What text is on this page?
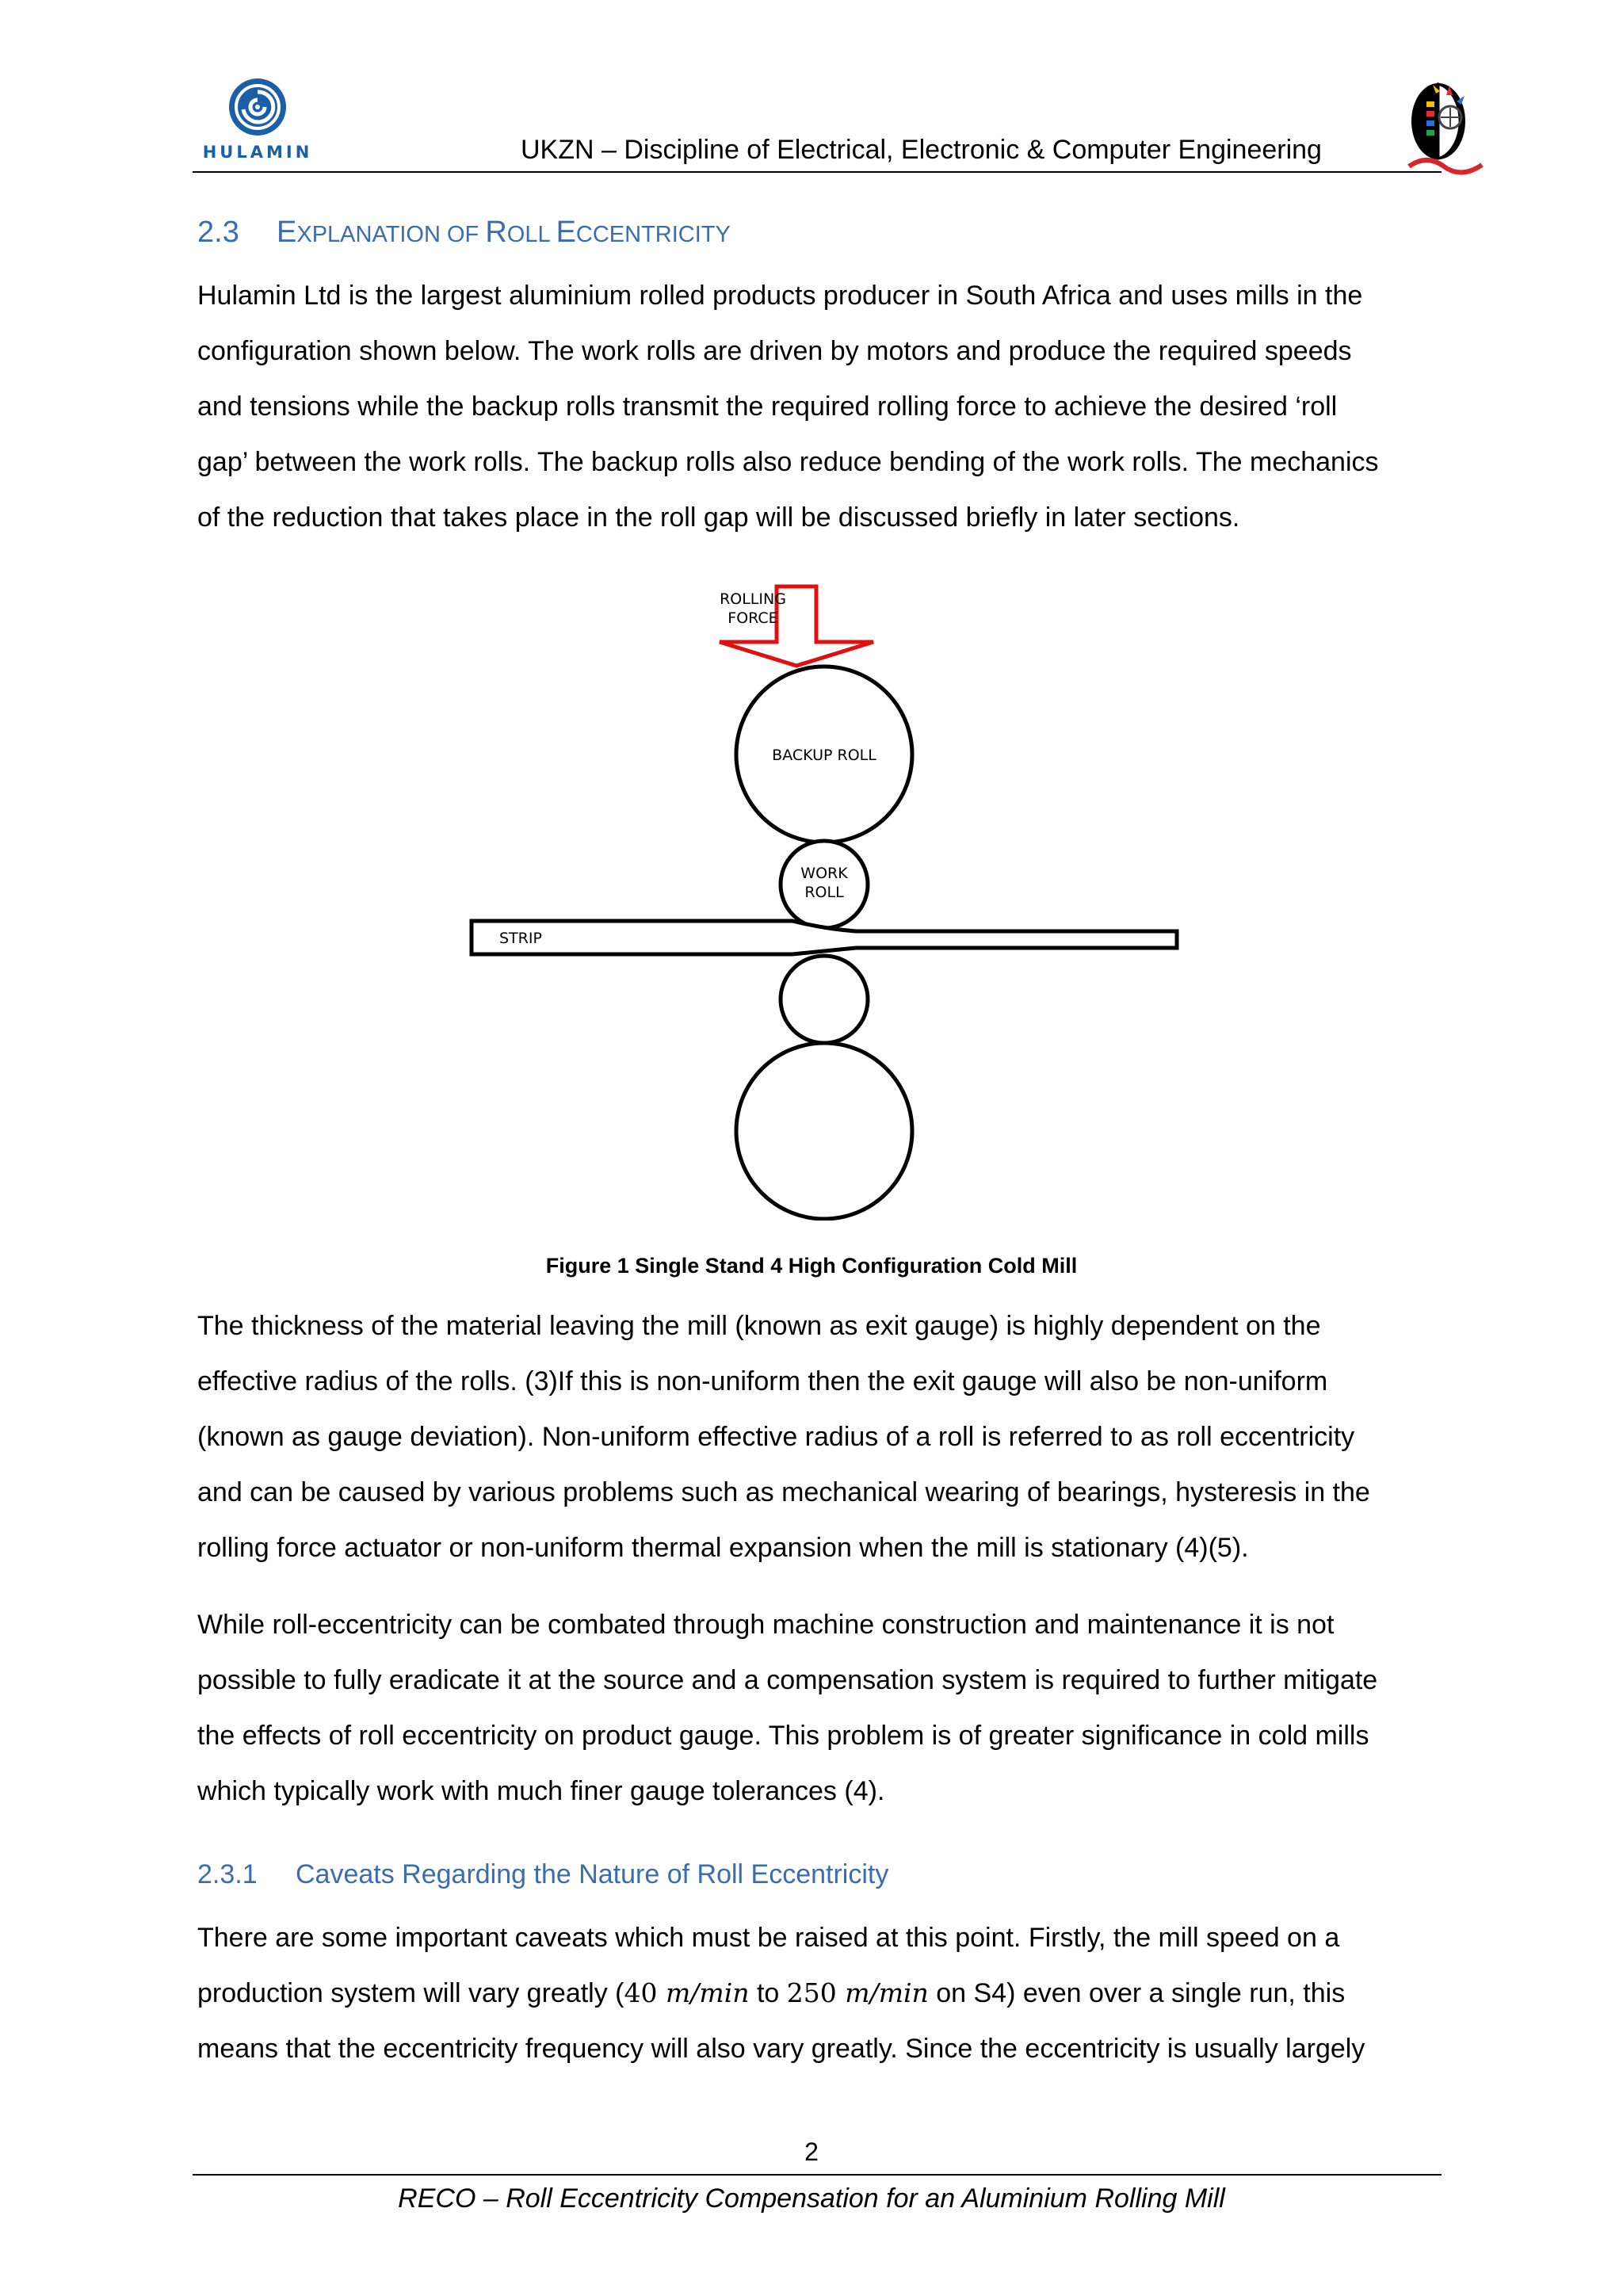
HULAMIN	UKZN – Discipline of Electrical, Electronic & Computer Engineering
2.3 EXPLANATION OF ROLL ECCENTRICITY
Hulamin Ltd is the largest aluminium rolled products producer in South Africa and uses mills in the
configuration shown below. The work rolls are driven by motors and produce the required speeds
and tensions while the backup rolls transmit the required rolling force to achieve the desired ‘roll
gap’ between the work rolls. The backup rolls also reduce bending of the work rolls. The mechanics
of the reduction that takes place in the roll gap will be discussed briefly in later sections.
ROLLING
FORCE
BACKUP ROLL
WORK
ROLL
STRIP
Figure 1 Single Stand 4 High Configuration Cold Mill
The thickness of the material leaving the mill (known as exit gauge) is highly dependent on the
effective radius of the rolls. (3)If this is non-uniform then the exit gauge will also be non-uniform
(known as gauge deviation). Non-uniform effective radius of a roll is referred to as roll eccentricity
and can be caused by various problems such as mechanical wearing of bearings, hysteresis in the
rolling force actuator or non-uniform thermal expansion when the mill is stationary (4)(5).
While roll-eccentricity can be combated through machine construction and maintenance it is not
possible to fully eradicate it at the source and a compensation system is required to further mitigate
the effects of roll eccentricity on product gauge. This problem is of greater significance in cold mills
which typically work with much finer gauge tolerances (4).
2.3.1 Caveats Regarding the Nature of Roll Eccentricity
There are some important caveats which must be raised at this point. Firstly, the mill speed on a
production system will vary greatly (40 m/min to 250 m/min on S4) even over a single run, this
means that the eccentricity frequency will also vary greatly. Since the eccentricity is usually largely
2
RECO – Roll Eccentricity Compensation for an Aluminium Rolling Mill
